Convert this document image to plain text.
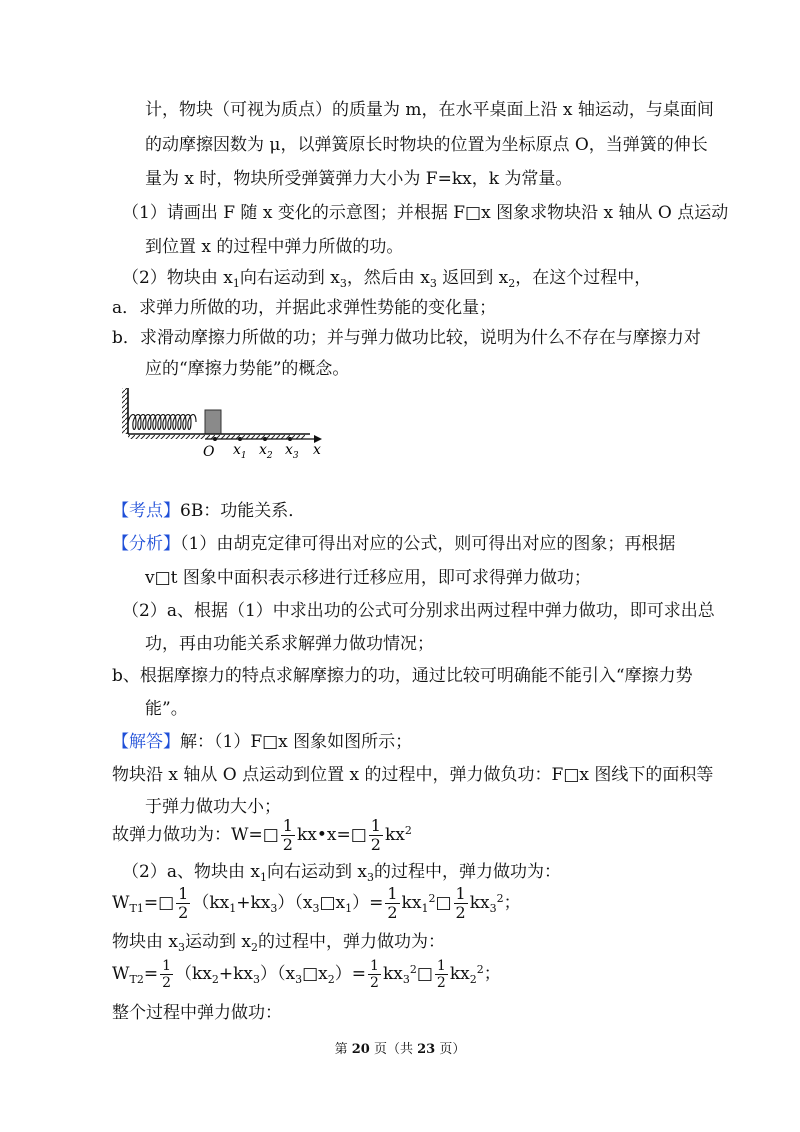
计，物块（可视为质点）的质量为 m，在水平桌面上沿 x 轴运动，与桌面间
的动摩擦因数为 μ，以弹簧原长时物块的位置为坐标原点 O，当弹簧的伸长
量为 x 时，物块所受弹簧弹力大小为 F=kx，k 为常量。
（1）请画出 F 随 x 变化的示意图；并根据 F□x 图象求物块沿 x 轴从 O 点运动
到位置 x 的过程中弹力所做的功。
（2）物块由 $x_1$向右运动到 $x_3$，然后由 $x_3$ 返回到 $x_2$，在这个过程中，
a．求弹力所做的功，并据此求弹性势能的变化量；
b．求滑动摩擦力所做的功；并与弹力做功比较，说明为什么不存在与摩擦力对
应的“摩擦力势能”的概念。
O $x_1$ $x_2$ $x_3$ x
【考点】6B：功能关系．
【分析】（1）由胡克定律可得出对应的公式，则可得出对应的图象；再根据
v□t 图象中面积表示移进行迁移应用，即可求得弹力做功；
（2）a、根据（1）中求出功的公式可分别求出两过程中弹力做功，即可求出总
功，再由功能关系求解弹力做功情况；
b、根据摩擦力的特点求解摩擦力的功，通过比较可明确能不能引入“摩擦力势
能”。
【解答】解：（1）F□x 图象如图所示；
物块沿 x 轴从 O 点运动到位置 x 的过程中，弹力做负功：F□x 图线下的面积等
于弹力做功大小；
故弹力做功为：W=□ $\frac{1}{2}$ kx•x=□ $\frac{1}{2} kx^2$
（2）a、物块由 $x_1$向右运动到 $x_3$的过程中，弹力做功为：
$W_{T1}=□ \frac{1}{2}$ $(kx_1+kx_3)(x_3□x_1)= \frac{1}{2}$ $kx_1^2□ \frac{1}{2} kx_3^2$；
物块由 $x_3$运动到 $x_2$的过程中，弹力做功为：
$W_{T2}= \frac{1}{2}$ $(kx_2+kx_3)(x_3□x_2)= \frac{1}{2}$ $kx_3^2□ \frac{1}{2} kx_2^2$；
整个过程中弹力做功：
第 20 页（共 23 页）
